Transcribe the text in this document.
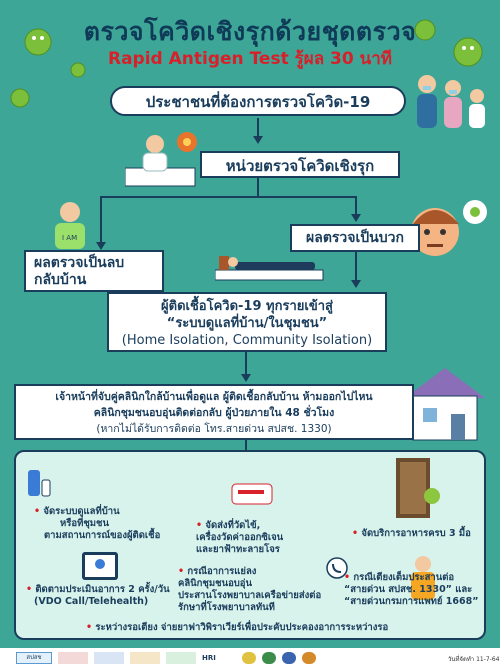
ตรวจโควิดเชิงรุกด้วยชุดตรวจ
Rapid Antigen Test รู้ผล 30 นาที
ประชาชนที่ต้องการตรวจโควิด-19
หน่วยตรวจโควิดเชิงรุก
I AM
ผลตรวจเป็นลบ
กลับบ้าน
ผลตรวจเป็นบวก
ผู้ติดเชื้อโควิด-19 ทุกรายเข้าสู่
“ระบบดูแลที่บ้าน/ในชุมชน”
(Home Isolation, Community Isolation)
เจ้าหน้าที่จับคู่คลินิกใกล้บ้านเพื่อดูแล ผู้ติดเชื้อกลับบ้าน ห้ามออกไปไหน
คลินิกชุมชนอบอุ่นติดต่อกลับ ผู้ป่วยภายใน 48 ชั่วโมง
(หากไม่ได้รับการติดต่อ โทร.สายด่วน สปสช. 1330)
• จัดระบบดูแลที่บ้าน
หรือที่ชุมชน
ตามสถานการณ์ของผู้ติดเชื้อ
• จัดส่งที่วัดไข้,
เครื่องวัดค่าออกซิเจน
และยาฟ้าทะลายโจร
• จัดบริการอาหารครบ 3 มื้อ
• ติดตามประเมินอาการ 2 ครั้ง/วัน
(VDO Call/Telehealth)
• กรณีอาการแย่ลง
คลินิกชุมชนอบอุ่น
ประสานโรงพยาบาลเครือข่ายส่งต่อ
รักษาที่โรงพยาบาลทันที
• กรณีเตียงเต็มประสานต่อ
“สายด่วน สปสช. 1330” และ
“สายด่วนกรมการแพทย์ 1668”
• ระหว่างรอเตียง จ่ายยาฟาวิพิราเวียร์เพื่อประคับประคองอาการระหว่างรอ
สปสช	HRI	วันที่จัดทำ 11-7-64
